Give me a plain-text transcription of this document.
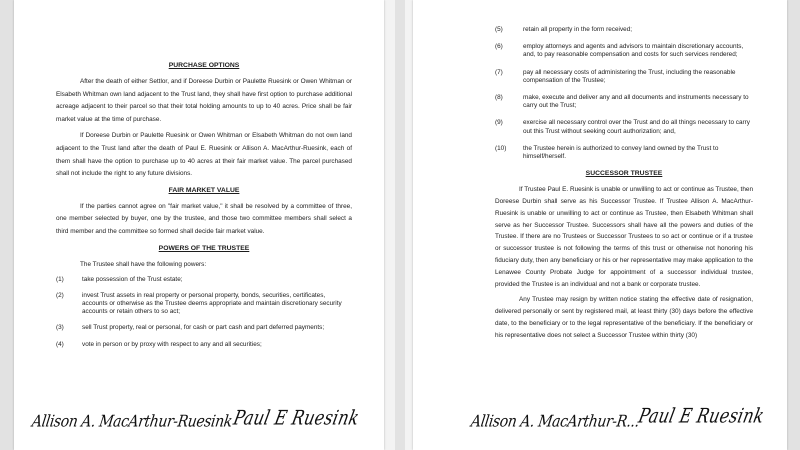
PURCHASE OPTIONS

After the death of either Settlor, and if Doreese Durbin or Paulette Ruesink or Owen Whitman or Elsabeth Whitman own land adjacent to the Trust land, they shall have first option to purchase additional acreage adjacent to their parcel so that their total holding amounts to up to 40 acres. Price shall be fair market value at the time of purchase.

If Doreese Durbin or Paulette Ruesink or Owen Whitman or Elsabeth Whitman do not own land adjacent to the Trust land after the death of Paul E. Ruesink or Allison A. MacArthur-Ruesink, each of them shall have the option to purchase up to 40 acres at their fair market value. The parcel purchased shall not include the right to any future divisions.

FAIR MARKET VALUE

If the parties cannot agree on "fair market value," it shall be resolved by a committee of three, one member selected by buyer, one by the trustee, and those two committee members shall select a third member and the committee so formed shall decide fair market value.

POWERS OF THE TRUSTEE

The Trustee shall have the following powers:

(1)	take possession of the Trust estate;
(2)	invest Trust assets in real property or personal property, bonds, securities, certificates, accounts or otherwise as the Trustee deems appropriate and maintain discretionary security accounts or retain others to so act;
(3)	sell Trust property, real or personal, for cash or part cash and part deferred payments;
(4)	vote in person or by proxy with respect to any and all securities;
Allison A. MacArthur-Ruesink
Paul E Ruesink
(5)	retain all property in the form received;
(6)	employ attorneys and agents and advisors to maintain discretionary accounts, and, to pay reasonable compensation and costs for such services rendered;
(7)	pay all necessary costs of administering the Trust, including the reasonable compensation of the Trustee;
(8)	make, execute and deliver any and all documents and instruments necessary to carry out the Trust;
(9)	exercise all necessary control over the Trust and do all things necessary to carry out this Trust without seeking court authorization; and,
(10)	the Trustee herein is authorized to convey land owned by the Trust to himself/herself.
SUCCESSOR TRUSTEE

If Trustee Paul E. Ruesink is unable or unwilling to act or continue as Trustee, then Doreese Durbin shall serve as his Successor Trustee. If Trustee Allison A. MacArthur-Ruesink is unable or unwilling to act or continue as Trustee, then Elsabeth Whitman shall serve as her Successor Trustee. Successors shall have all the powers and duties of the Trustee. If there are no Trustees or Successor Trustees to so act or continue or if a trustee or successor trustee is not following the terms of this trust or otherwise not honoring his fiduciary duty, then any beneficiary or his or her representative may make application to the Lenawee County Probate Judge for appointment of a successor individual trustee, provided the Trustee is an individual and not a bank or corporate trustee.

Any Trustee may resign by written notice stating the effective date of resignation, delivered personally or sent by registered mail, at least thirty (30) days before the effective date, to the beneficiary or to the legal representative of the beneficiary. If the beneficiary or his representative does not select a Successor Trustee within thirty (30)

Allison A. MacArthur-R...
Paul E Ruesink
